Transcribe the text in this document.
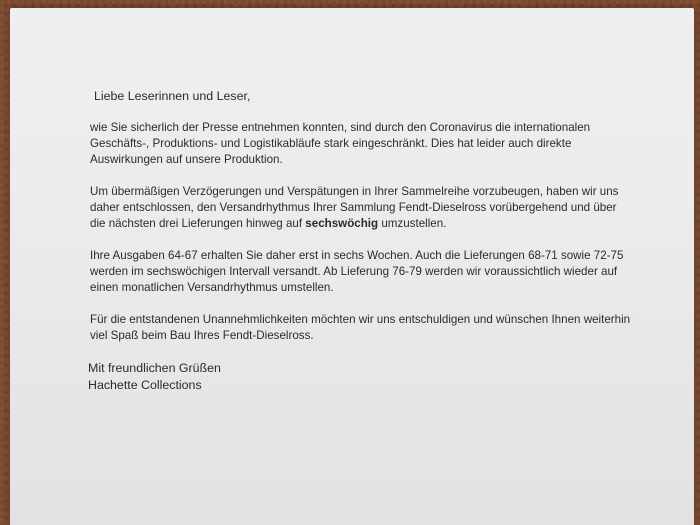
Liebe Leserinnen und Leser,

wie Sie sicherlich der Presse entnehmen konnten, sind durch den Coronavirus die internationalen Geschäfts-, Produktions- und Logistikabläufe stark eingeschränkt. Dies hat leider auch direkte Auswirkungen auf unsere Produktion.

Um übermäßigen Verzögerungen und Verspätungen in Ihrer Sammelreihe vorzubeugen, haben wir uns daher entschlossen, den Versandrhythmus Ihrer Sammlung Fendt-Dieselross vorübergehend und über die nächsten drei Lieferungen hinweg auf sechswöchig umzustellen.

Ihre Ausgaben 64-67 erhalten Sie daher erst in sechs Wochen. Auch die Lieferungen 68-71 sowie 72-75 werden im sechswöchigen Intervall versandt. Ab Lieferung 76-79 werden wir voraussichtlich wieder auf einen monatlichen Versandrhythmus umstellen.

Für die entstandenen Unannehmlichkeiten möchten wir uns entschuldigen und wünschen Ihnen weiterhin viel Spaß beim Bau Ihres Fendt-Dieselross.

Mit freundlichen Grüßen
Hachette Collections
